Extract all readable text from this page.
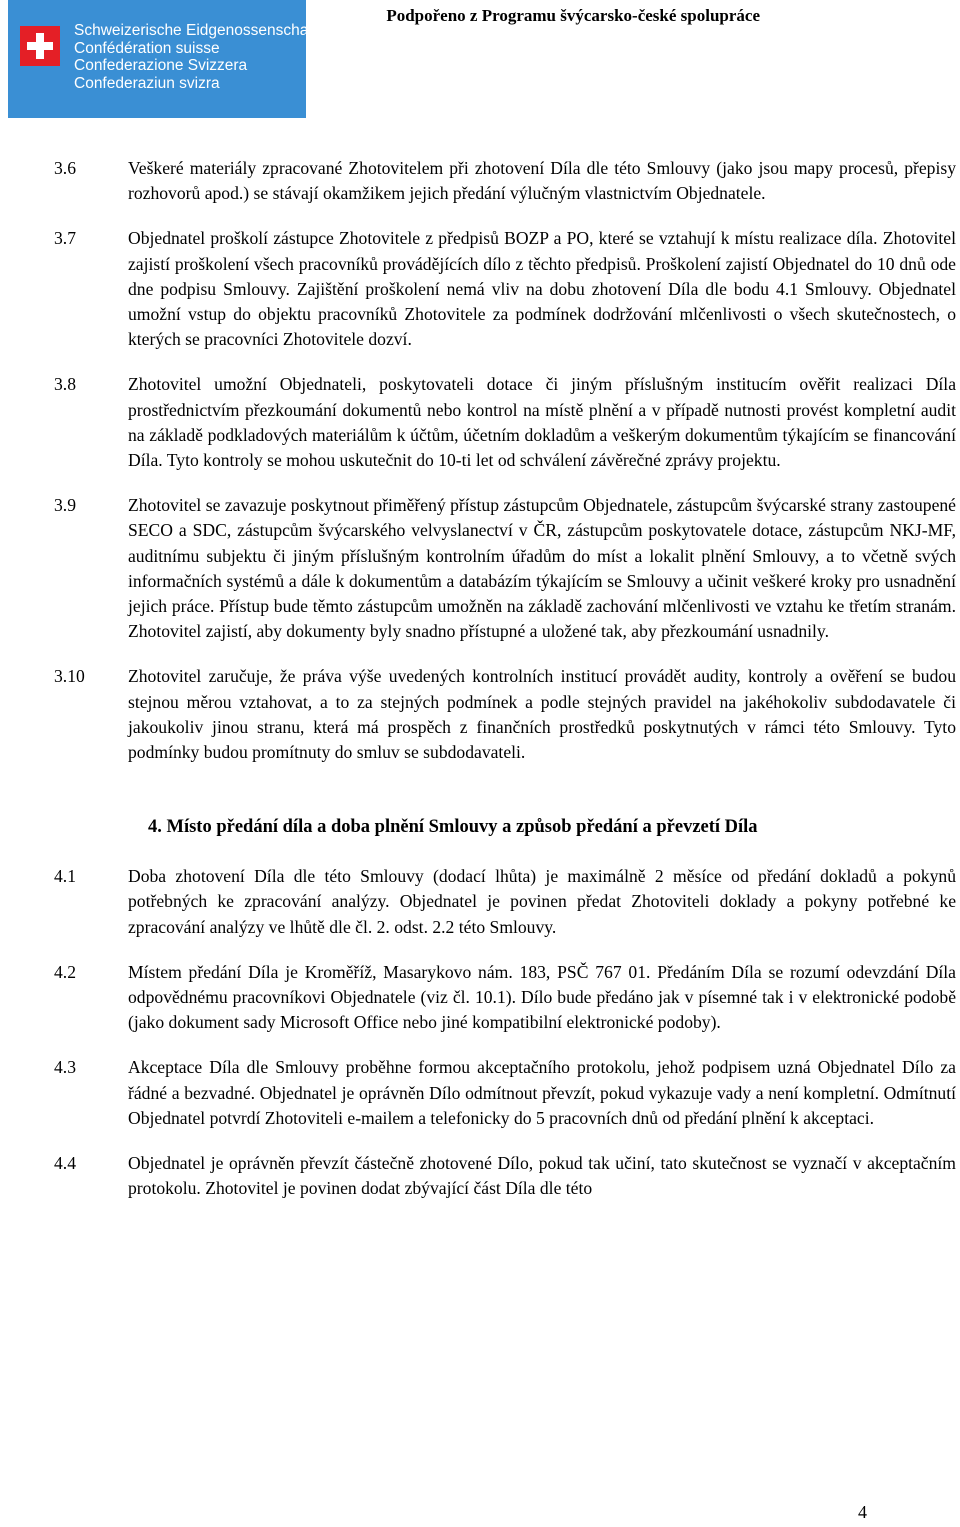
Schweizerische Eidgenossenschaft
Confédération suisse
Confederazione Svizzera
Confederaziun svizra
Podpořeno z Programu švýcarsko-české spolupráce
3.6	Veškeré materiály zpracované Zhotovitelem při zhotovení Díla dle této Smlouvy (jako jsou mapy procesů, přepisy rozhovorů apod.) se stávají okamžikem jejich předání výlučným vlastnictvím Objednatele.
3.7	Objednatel proškolí zástupce Zhotovitele z předpisů BOZP a PO, které se vztahují k místu realizace díla. Zhotovitel zajistí proškolení všech pracovníků provádějících dílo z těchto předpisů. Proškolení zajistí Objednatel do 10 dnů ode dne podpisu Smlouvy. Zajištění proškolení nemá vliv na dobu zhotovení Díla dle bodu 4.1 Smlouvy. Objednatel umožní vstup do objektu pracovníků Zhotovitele za podmínek dodržování mlčenlivosti o všech skutečnostech, o kterých se pracovníci Zhotovitele dozví.
3.8	Zhotovitel umožní Objednateli, poskytovateli dotace či jiným příslušným institucím ověřit realizaci Díla prostřednictvím přezkoumání dokumentů nebo kontrol na místě plnění a v případě nutnosti provést kompletní audit na základě podkladových materiálům k účtům, účetním dokladům a veškerým dokumentům týkajícím se financování Díla. Tyto kontroly se mohou uskutečnit do 10-ti let od schválení závěrečné zprávy projektu.
3.9	Zhotovitel se zavazuje poskytnout přiměřený přístup zástupcům Objednatele, zástupcům švýcarské strany zastoupené SECO a SDC, zástupcům švýcarského velvyslanectví v ČR, zástupcům poskytovatele dotace, zástupcům NKJ-MF, auditnímu subjektu či jiným příslušným kontrolním úřadům do míst a lokalit plnění Smlouvy, a to včetně svých informačních systémů a dále k dokumentům a databázím týkajícím se Smlouvy a učinit veškeré kroky pro usnadnění jejich práce. Přístup bude těmto zástupcům umožněn na základě zachování mlčenlivosti ve vztahu ke třetím stranám. Zhotovitel zajistí, aby dokumenty byly snadno přístupné a uložené tak, aby přezkoumání usnadnily.
3.10	Zhotovitel zaručuje, že práva výše uvedených kontrolních institucí provádět audity, kontroly a ověření se budou stejnou měrou vztahovat, a to za stejných podmínek a podle stejných pravidel na jakéhokoliv subdodavatele či jakoukoliv jinou stranu, která má prospěch z finančních prostředků poskytnutých v rámci této Smlouvy. Tyto podmínky budou promítnuty do smluv se subdodavateli.
4. Místo předání díla a doba plnění Smlouvy a způsob předání a převzetí Díla
4.1	Doba zhotovení Díla dle této Smlouvy (dodací lhůta) je maximálně 2 měsíce od předání dokladů a pokynů potřebných ke zpracování analýzy. Objednatel je povinen předat Zhotoviteli doklady a pokyny potřebné ke zpracování analýzy ve lhůtě dle čl. 2. odst. 2.2 této Smlouvy.
4.2	Místem předání Díla je Kroměříž, Masarykovo nám. 183, PSČ 767 01. Předáním Díla se rozumí odevzdání Díla odpovědnému pracovníkovi Objednatele (viz čl. 10.1). Dílo bude předáno jak v písemné tak i v elektronické podobě (jako dokument sady Microsoft Office nebo jiné kompatibilní elektronické podoby).
4.3	Akceptace Díla dle Smlouvy proběhne formou akceptačního protokolu, jehož podpisem uzná Objednatel Dílo za řádné a bezvadné. Objednatel je oprávněn Dílo odmítnout převzít, pokud vykazuje vady a není kompletní. Odmítnutí Objednatel potvrdí Zhotoviteli e-mailem a telefonicky do 5 pracovních dnů od předání plnění k akceptaci.
4.4	Objednatel je oprávněn převzít částečně zhotovené Dílo, pokud tak učiní, tato skutečnost se vyznačí v akceptačním protokolu. Zhotovitel je povinen dodat zbývající část Díla dle této
4
